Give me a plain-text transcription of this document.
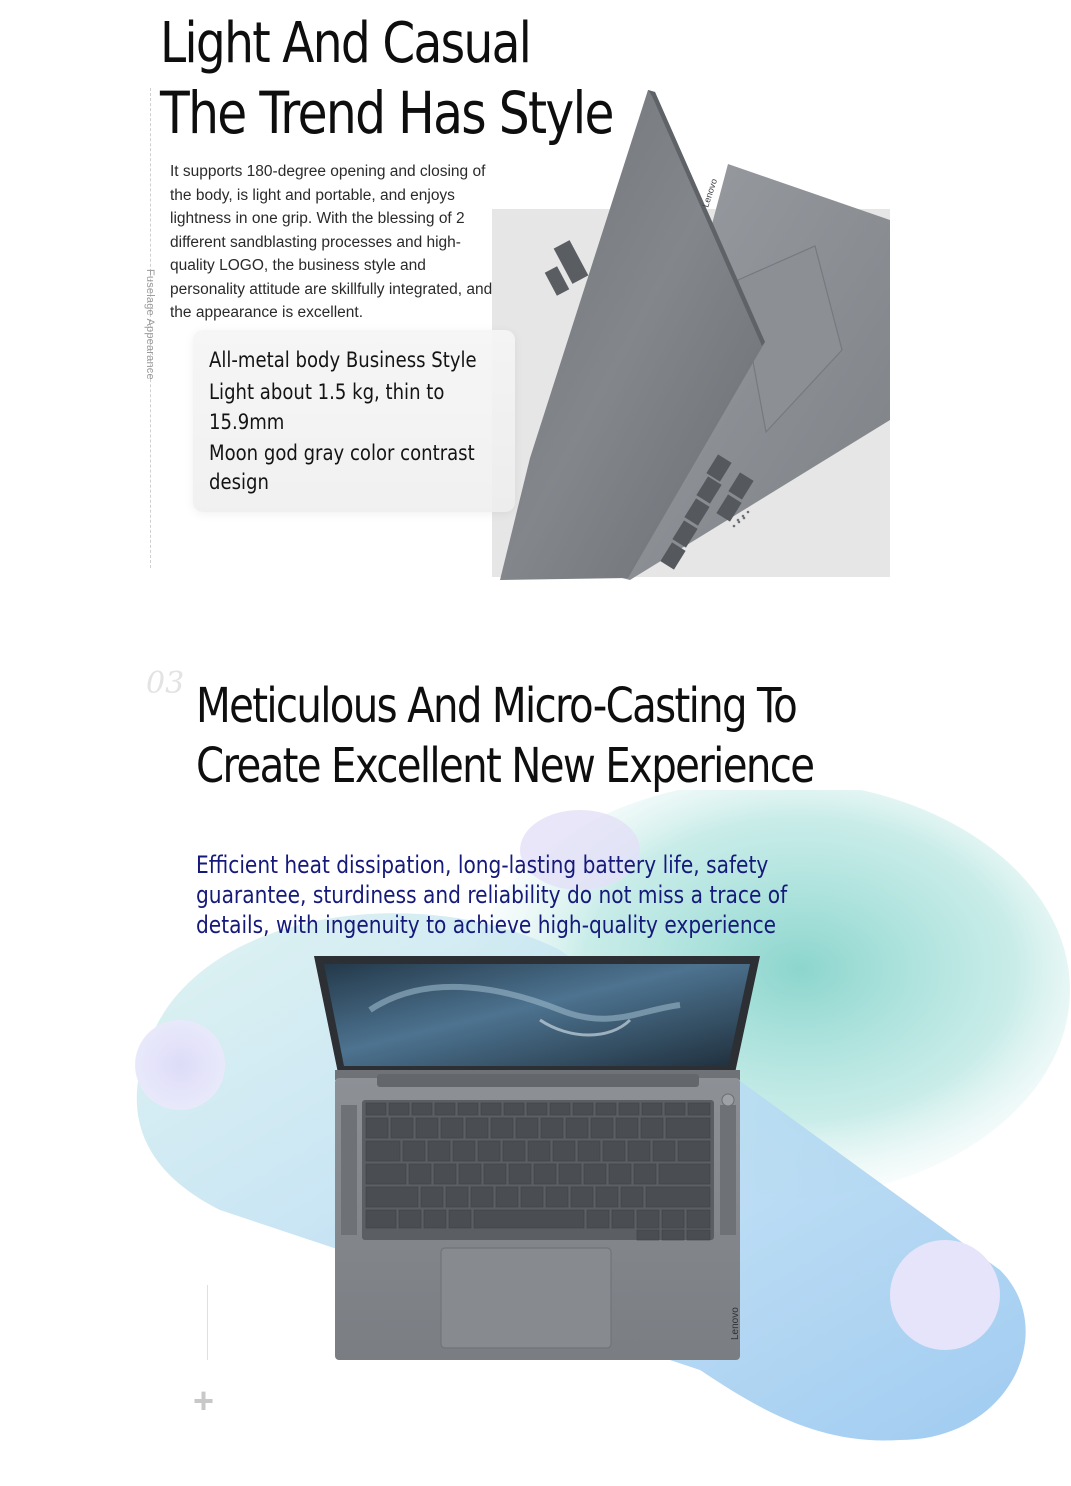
Fuselage Appearance
Light And Casual
The Trend Has Style
It supports 180-degree opening and closing of the body, is light and portable, and enjoys lightness in one grip. With the blessing of 2 different sandblasting processes and high-quality LOGO, the business style and personality attitude are skillfully integrated, and the appearance is excellent.
Lenovo
All-metal body Business Style
Light about 1.5 kg, thin to
15.9mm
Moon god gray color contrast
design
03 Meticulous And Micro-Casting To
Create Excellent New Experience
Efficient heat dissipation, long-lasting battery life, safety guarantee, sturdiness and reliability do not miss a trace of details, with ingenuity to achieve high-quality experience
+
Lenovo
